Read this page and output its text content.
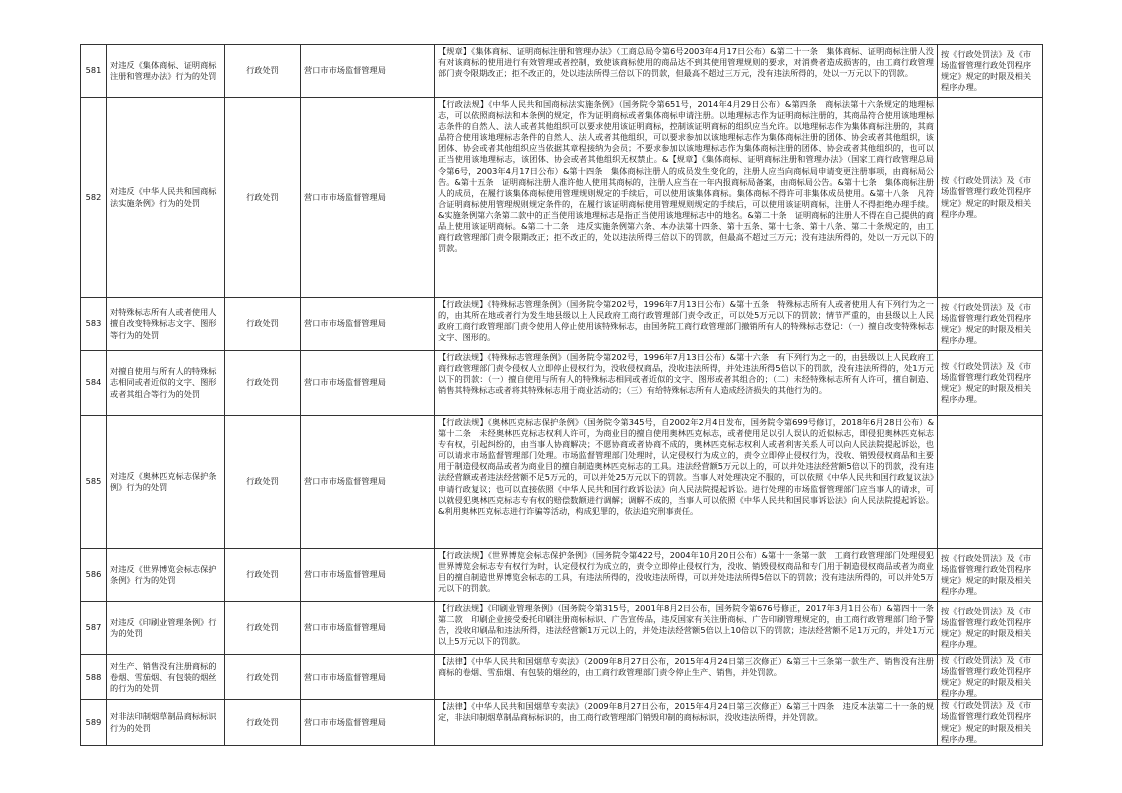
581	对违反《集体商标、证明商标注册和管理办法》行为的处罚	行政处罚	营口市市场监督管理局	【规章】《集体商标、证明商标注册和管理办法》（工商总局令第6号2003年4月17日公布）&第二十一条　集体商标、证明商标注册人没有对该商标的使用进行有效管理或者控制，致使该商标使用的商品达不到其使用管理规则的要求，对消费者造成损害的，由工商行政管理部门责令限期改正；拒不改正的，处以违法所得三倍以下的罚款，但最高不超过三万元，没有违法所得的，处以一万元以下的罚款。	按《行政处罚法》及《市场监督管理行政处罚程序规定》规定的时限及相关程序办理。
582	对违反《中华人民共和国商标法实施条例》行为的处罚	行政处罚	营口市市场监督管理局	【行政法规】《中华人民共和国商标法实施条例》（国务院令第651号，2014年4月29日公布）&第四条　商标法第十六条规定的地理标志，可以依照商标法和本条例的规定，作为证明商标或者集体商标申请注册。以地理标志作为证明商标注册的，其商品符合使用该地理标志条件的自然人、法人或者其他组织可以要求使用该证明商标，控制该证明商标的组织应当允许。以地理标志作为集体商标注册的，其商品符合使用该地理标志条件的自然人、法人或者其他组织，可以要求参加以该地理标志作为集体商标注册的团体、协会或者其他组织，该团体、协会或者其他组织应当依据其章程接纳为会员；不要求参加以该地理标志作为集体商标注册的团体、协会或者其他组织的，也可以正当使用该地理标志，该团体、协会或者其他组织无权禁止。&【规章】《集体商标、证明商标注册和管理办法》（国家工商行政管理总局令第6号，2003年4月17日公布）&第十四条　集体商标注册人的成员发生变化的，注册人应当向商标局申请变更注册事项，由商标局公告。&第十五条　证明商标注册人准许他人使用其商标的，注册人应当在一年内报商标局备案，由商标局公告。&第十七条　集体商标注册人的成员，在履行该集体商标使用管理规则规定的手续后，可以使用该集体商标。集体商标不得许可非集体成员使用。&第十八条　凡符合证明商标使用管理规则规定条件的，在履行该证明商标使用管理规则规定的手续后，可以使用该证明商标，注册人不得拒绝办理手续。&实施条例第六条第二款中的正当使用该地理标志是指正当使用该地理标志中的地名。&第二十条　证明商标的注册人不得在自己提供的商品上使用该证明商标。&第二十二条　违反实施条例第六条、本办法第十四条、第十五条、第十七条、第十八条、第二十条规定的，由工商行政管理部门责令限期改正；拒不改正的，处以违法所得三倍以下的罚款，但最高不超过三万元；没有违法所得的，处以一万元以下的罚款。	按《行政处罚法》及《市场监督管理行政处罚程序规定》规定的时限及相关程序办理。
583	对特殊标志所有人或者使用人擅自改变特殊标志文字、图形等行为的处罚	行政处罚	营口市市场监督管理局	【行政法规】《特殊标志管理条例》（国务院令第202号，1996年7月13日公布）&第十五条　特殊标志所有人或者使用人有下列行为之一的，由其所在地或者行为发生地县级以上人民政府工商行政管理部门责令改正，可以处5万元以下的罚款；情节严重的，由县级以上人民政府工商行政管理部门责令使用人停止使用该特殊标志，由国务院工商行政管理部门撤销所有人的特殊标志登记：（一）擅自改变特殊标志文字、图形的。	按《行政处罚法》及《市场监督管理行政处罚程序规定》规定的时限及相关程序办理。
584	对擅自使用与所有人的特殊标志相同或者近似的文字、图形或者其组合等行为的处罚	行政处罚	营口市市场监督管理局	【行政法规】《特殊标志管理条例》（国务院令第202号，1996年7月13日公布）&第十六条　有下列行为之一的，由县级以上人民政府工商行政管理部门责令侵权人立即停止侵权行为，没收侵权商品，没收违法所得，并处违法所得5倍以下的罚款，没有违法所得的，处1万元以下的罚款：（一）擅自使用与所有人的特殊标志相同或者近似的文字、图形或者其组合的；（二）未经特殊标志所有人许可，擅自制造、销售其特殊标志或者将其特殊标志用于商业活动的；（三）有给特殊标志所有人造成经济损失的其他行为的。	按《行政处罚法》及《市场监督管理行政处罚程序规定》规定的时限及相关程序办理。
585	对违反《奥林匹克标志保护条例》行为的处罚	行政处罚	营口市市场监督管理局	【行政法规】《奥林匹克标志保护条例》（国务院令第345号，自2002年2月4日发布，国务院令第699号修订，2018年6月28日公布）&第十二条　未经奥林匹克标志权利人许可，为商业目的擅自使用奥林匹克标志，或者使用足以引人误认的近似标志，即侵犯奥林匹克标志专有权，引起纠纷的，由当事人协商解决；不愿协商或者协商不成的，奥林匹克标志权利人或者利害关系人可以向人民法院提起诉讼，也可以请求市场监督管理部门处理。市场监督管理部门处理时，认定侵权行为成立的，责令立即停止侵权行为，没收、销毁侵权商品和主要用于制造侵权商品或者为商业目的擅自制造奥林匹克标志的工具。违法经营额5万元以上的，可以并处违法经营额5倍以下的罚款，没有违法经营额或者违法经营额不足5万元的，可以并处25万元以下的罚款。当事人对处理决定不服的，可以依照《中华人民共和国行政复议法》申请行政复议；也可以直接依照《中华人民共和国行政诉讼法》向人民法院提起诉讼。进行处理的市场监督管理部门应当事人的请求，可以就侵犯奥林匹克标志专有权的赔偿数额进行调解；调解不成的，当事人可以依照《中华人民共和国民事诉讼法》向人民法院提起诉讼。&利用奥林匹克标志进行诈骗等活动，构成犯罪的，依法追究刑事责任。	
586	对违反《世界博览会标志保护条例》行为的处罚	行政处罚	营口市市场监督管理局	【行政法规】《世界博览会标志保护条例》（国务院令第422号，2004年10月20日公布）&第十一条第一款　工商行政管理部门处理侵犯世界博览会标志专有权行为时，认定侵权行为成立的，责令立即停止侵权行为，没收、销毁侵权商品和专门用于制造侵权商品或者为商业目的擅自制造世界博览会标志的工具，有违法所得的，没收违法所得，可以并处违法所得5倍以下的罚款；没有违法所得的，可以并处5万元以下的罚款。	按《行政处罚法》及《市场监督管理行政处罚程序规定》规定的时限及相关程序办理。
587	对违反《印刷业管理条例》行为的处罚	行政处罚	营口市市场监督管理局	【行政法规】《印刷业管理条例》（国务院令第315号，2001年8月2日公布，国务院令第676号修正，2017年3月1日公布）&第四十一条第二款　印刷企业接受委托印刷注册商标标识、广告宣传品，违反国家有关注册商标、广告印刷管理规定的，由工商行政管理部门给予警告，没收印刷品和违法所得，违法经营额1万元以上的，并处违法经营额5倍以上10倍以下的罚款；违法经营额不足1万元的，并处1万元以上5万元以下的罚款。	按《行政处罚法》及《市场监督管理行政处罚程序规定》规定的时限及相关程序办理。
588	对生产、销售没有注册商标的卷烟、雪茄烟、有包装的烟丝的行为的处罚	行政处罚	营口市市场监督管理局	【法律】《中华人民共和国烟草专卖法》（2009年8月27日公布，2015年4月24日第三次修正）&第三十三条第一款生产、销售没有注册商标的卷烟、雪茄烟、有包装的烟丝的，由工商行政管理部门责令停止生产、销售，并处罚款。	按《行政处罚法》及《市场监督管理行政处罚程序规定》规定的时限及相关程序办理。
589	对非法印制烟草制品商标标识行为的处罚	行政处罚	营口市市场监督管理局	【法律】《中华人民共和国烟草专卖法》（2009年8月27日公布，2015年4月24日第三次修正）&第三十四条　违反本法第二十一条的规定，非法印制烟草制品商标标识的，由工商行政管理部门销毁印制的商标标识，没收违法所得，并处罚款。	按《行政处罚法》及《市场监督管理行政处罚程序规定》规定的时限及相关程序办理。
